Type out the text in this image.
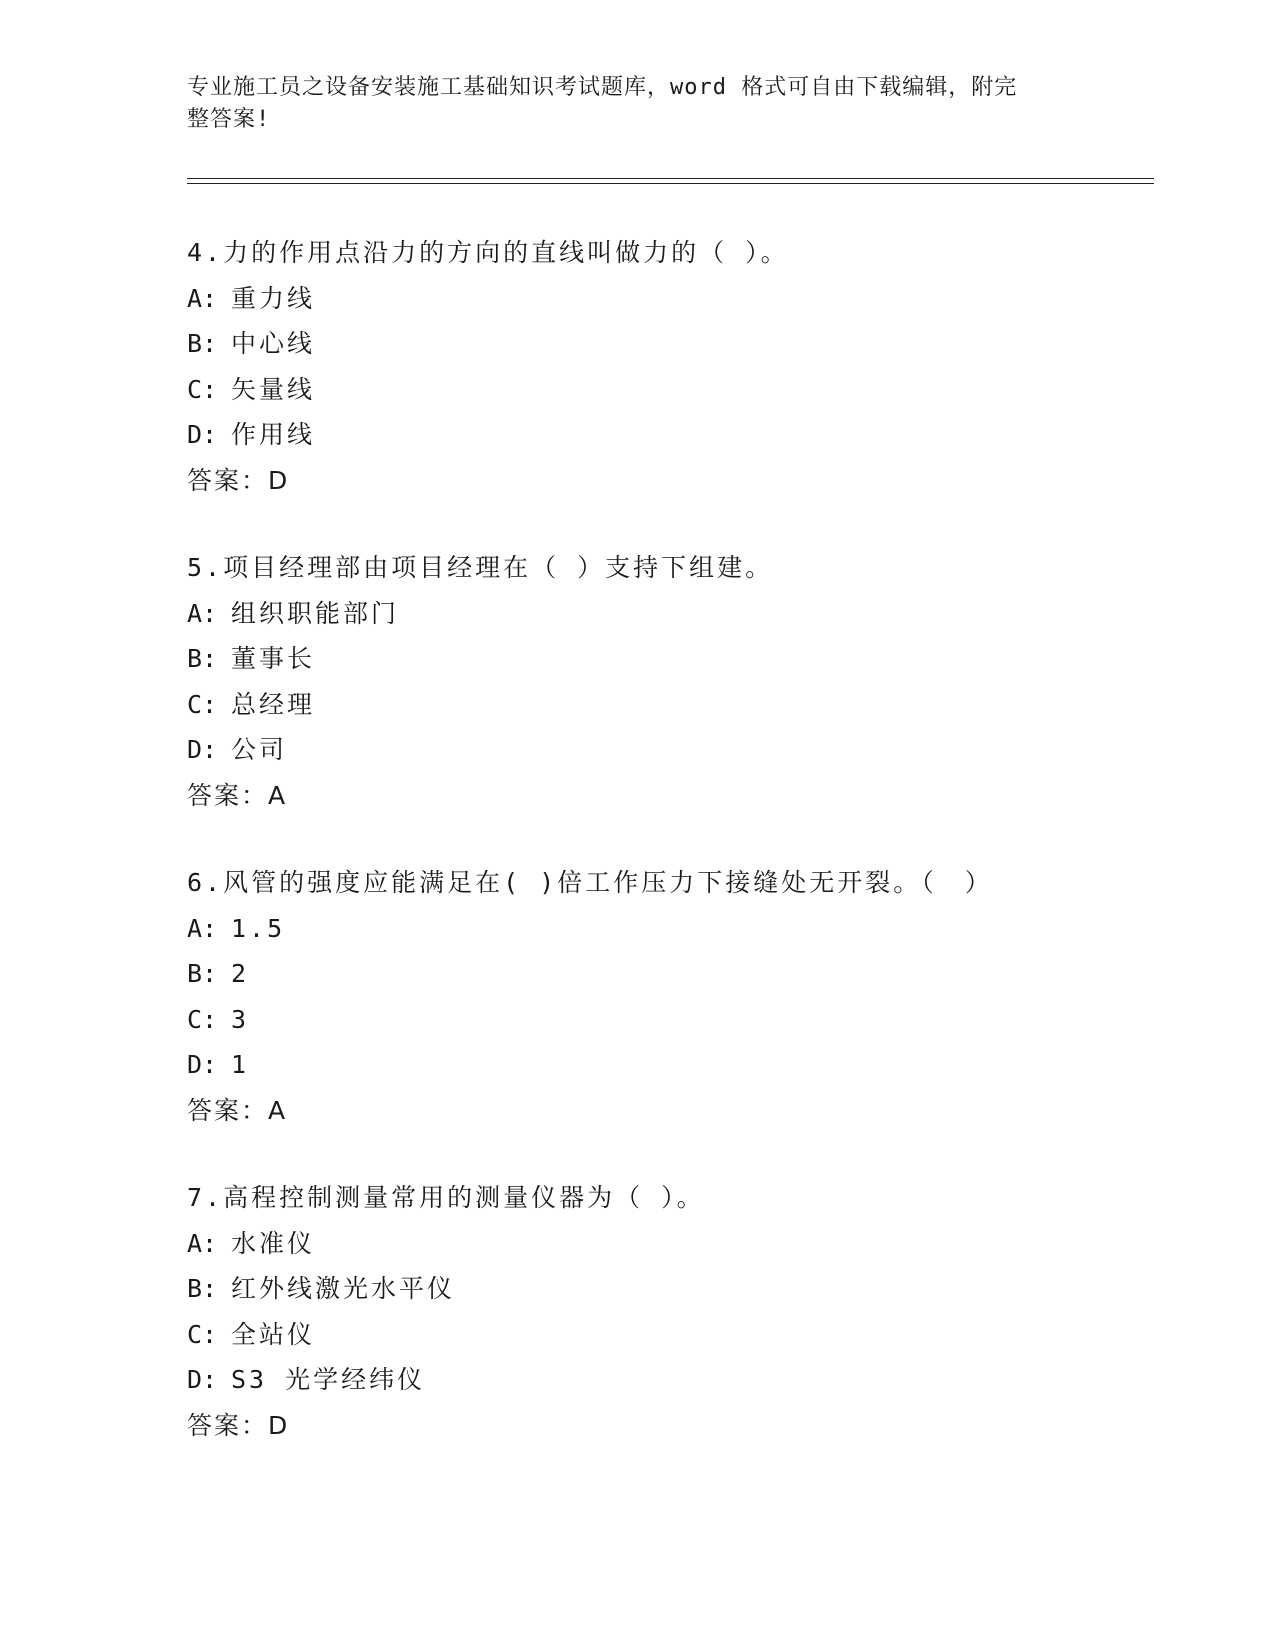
专业施工员之设备安装施工基础知识考试题库，word 格式可自由下载编辑，附完
整答案!
4.力的作用点沿力的方向的直线叫做力的（ ）。
A: 重力线
B: 中心线
C: 矢量线
D: 作用线
答案：D
5.项目经理部由项目经理在（ ）支持下组建。
A: 组织职能部门
B: 董事长
C: 总经理
D: 公司
答案：A
6.风管的强度应能满足在( )倍工作压力下接缝处无开裂。（　）
A: 1.5
B: 2
C: 3
D: 1
答案：A
7.高程控制测量常用的测量仪器为（ ）。
A: 水准仪
B: 红外线激光水平仪
C: 全站仪
D: S3 光学经纬仪
答案：D
